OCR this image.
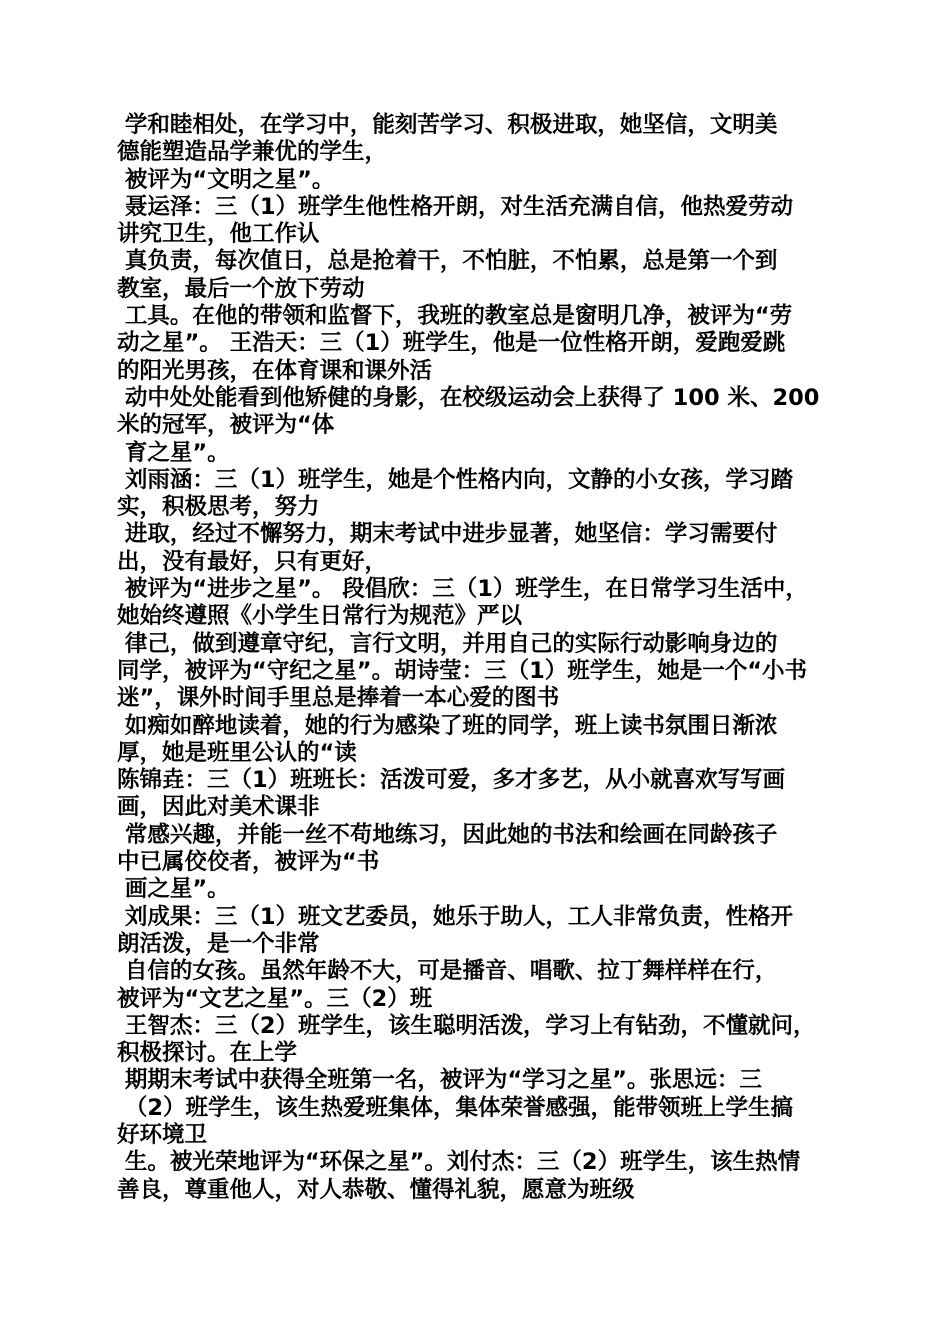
学和睦相处，在学习中，能刻苦学习、积极进取，她坚信，文明美
德能塑造品学兼优的学生，
被评为“文明之星”。
聂运泽：三（1）班学生他性格开朗，对生活充满自信，他热爱劳动
讲究卫生，他工作认
真负责，每次值日，总是抢着干，不怕脏，不怕累，总是第一个到
教室，最后一个放下劳动
工具。在他的带领和监督下，我班的教室总是窗明几净，被评为“劳
动之星”。 王浩天：三（1）班学生，他是一位性格开朗，爱跑爱跳
的阳光男孩，在体育课和课外活
动中处处能看到他矫健的身影，在校级运动会上获得了 100 米、200
米的冠军，被评为“体
育之星”。
刘雨涵：三（1）班学生，她是个性格内向，文静的小女孩，学习踏
实，积极思考，努力
进取，经过不懈努力，期末考试中进步显著，她坚信：学习需要付
出，没有最好，只有更好，
被评为“进步之星”。 段倡欣：三（1）班学生，在日常学习生活中，
她始终遵照《小学生日常行为规范》严以
律己，做到遵章守纪，言行文明，并用自己的实际行动影响身边的
同学，被评为“守纪之星”。胡诗莹：三（1）班学生，她是一个“小书
迷”，课外时间手里总是捧着一本心爱的图书
如痴如醉地读着，她的行为感染了班的同学，班上读书氛围日渐浓
厚，她是班里公认的“读
陈锦垚：三（1）班班长：活泼可爱，多才多艺，从小就喜欢写写画
画，因此对美术课非
常感兴趣，并能一丝不苟地练习，因此她的书法和绘画在同龄孩子
中已属佼佼者，被评为“书
画之星”。
刘成果：三（1）班文艺委员，她乐于助人，工人非常负责，性格开
朗活泼，是一个非常
自信的女孩。虽然年龄不大，可是播音、唱歌、拉丁舞样样在行，
被评为“文艺之星”。三（2）班
王智杰：三（2）班学生，该生聪明活泼，学习上有钻劲，不懂就问，
积极探讨。在上学
期期末考试中获得全班第一名，被评为“学习之星”。张思远：三
（2）班学生，该生热爱班集体，集体荣誉感强，能带领班上学生搞
好环境卫
生。被光荣地评为“环保之星”。刘付杰：三（2）班学生，该生热情
善良，尊重他人，对人恭敬、懂得礼貌，愿意为班级
